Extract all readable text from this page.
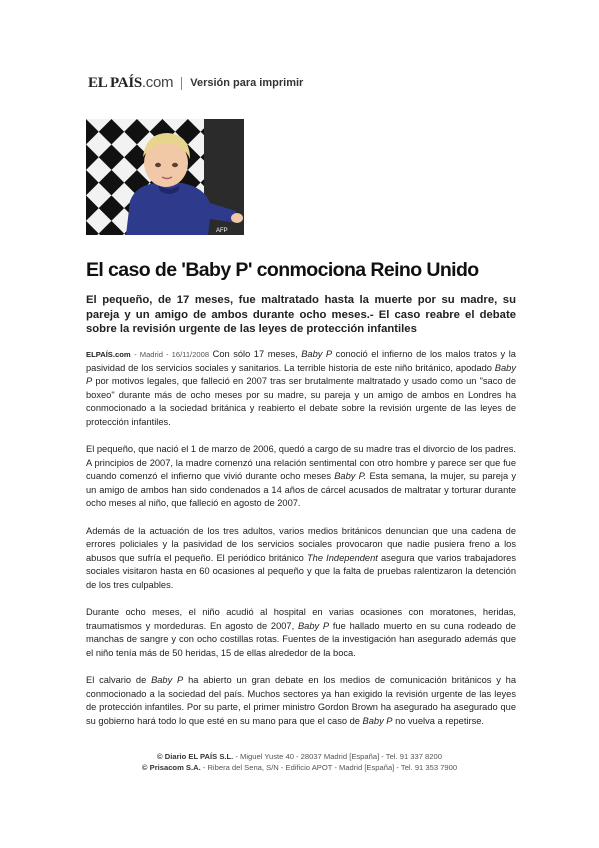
EL PAÍS.com Versión para imprimir
AFP
El caso de 'Baby P' conmociona Reino Unido

El pequeño, de 17 meses, fue maltratado hasta la muerte por su madre, su pareja y un amigo de ambos durante ocho meses.- El caso reabre el debate sobre la revisión urgente de las leyes de protección infantiles

ELPAÍS.com - Madrid - 16/11/2008 Con sólo 17 meses, Baby P conoció el infierno de los malos tratos y la pasividad de los servicios sociales y sanitarios. La terrible historia de este niño británico, apodado Baby P por motivos legales, que falleció en 2007 tras ser brutalmente maltratado y usado como un "saco de boxeo" durante más de ocho meses por su madre, su pareja y un amigo de ambos en Londres ha conmocionado a la sociedad británica y reabierto el debate sobre la revisión urgente de las leyes de protección infantiles.

El pequeño, que nació el 1 de marzo de 2006, quedó a cargo de su madre tras el divorcio de los padres. A principios de 2007, la madre comenzó una relación sentimental con otro hombre y parece ser que fue cuando comenzó el infierno que vivió durante ocho meses Baby P. Esta semana, la mujer, su pareja y un amigo de ambos han sido condenados a 14 años de cárcel acusados de maltratar y torturar durante ocho meses al niño, que falleció en agosto de 2007.

Además de la actuación de los tres adultos, varios medios británicos denuncian que una cadena de errores policiales y la pasividad de los servicios sociales provocaron que nadie pusiera freno a los abusos que sufría el pequeño. El periódico británico The Independent asegura que varios trabajadores sociales visitaron hasta en 60 ocasiones al pequeño y que la falta de pruebas ralentizaron la detención de los tres culpables.

Durante ocho meses, el niño acudió al hospital en varias ocasiones con moratones, heridas, traumatismos y mordeduras. En agosto de 2007, Baby P fue hallado muerto en su cuna rodeado de manchas de sangre y con ocho costillas rotas. Fuentes de la investigación han asegurado además que el niño tenía más de 50 heridas, 15 de ellas alrededor de la boca.

El calvario de Baby P ha abierto un gran debate en los medios de comunicación británicos y ha conmocionado a la sociedad del país. Muchos sectores ya han exigido la revisión urgente de las leyes de protección infantiles. Por su parte, el primer ministro Gordon Brown ha asegurado ha asegurado que su gobierno hará todo lo que esté en su mano para que el caso de Baby P no vuelva a repetirse.

© Diario EL PAÍS S.L. - Miguel Yuste 40 - 28037 Madrid [España] - Tel. 91 337 8200
© Prisacom S.A. - Ribera del Sena, S/N - Edificio APOT - Madrid [España] - Tel. 91 353 7900
